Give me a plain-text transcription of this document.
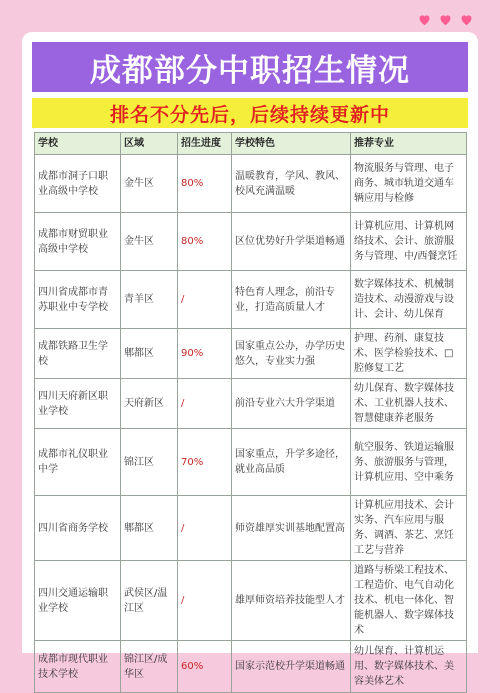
成都部分中职招生情况
排名不分先后，后续持续更新中
学校	区域	招生进度	学校特色	推荐专业
成都市洞子口职业高级中学校	金牛区	80%	温暖教育，学风、教风、校风充满温暖	物流服务与管理、电子商务、城市轨道交通车辆应用与检修
成都市财贸职业高级中学校	金牛区	80%	区位优势好升学渠道畅通	计算机应用、计算机网络技术、会计、旅游服务与管理、中/西餐烹饪
四川省成都市青苏职业中专学校	青羊区	/	特色育人理念，前沿专业，打造高质量人才	数字媒体技术、机械制造技术、动漫游戏与设计、会计、幼儿保育
成都铁路卫生学校	郫都区	90%	国家重点公办，办学历史悠久，专业实力强	护理、药剂、康复技术、医学检验技术、□腔修复工艺
四川天府新区职业学校	天府新区	/	前沿专业六大升学渠道	幼儿保育、数字媒体技术、工业机器人技术、智慧健康养老服务
成都市礼仪职业中学	锦江区	70%	国家重点，升学多途径，就业高品质	航空服务、铁道运输服务、旅游服务与管理，计算机应用、空中乘务
四川省商务学校	郫都区	/	师资雄厚实训基地配置高	计算机应用技术、会计实务、汽车应用与服务、调酒、茶艺、烹饪工艺与营养
四川交通运输职业学校	武侯区/温江区	/	雄厚师资培养技能型人才	道路与桥梁工程技术、工程造价、电气自动化技术、机电一体化、智能机器人、数字媒体技术
成都市现代职业技术学校	锦江区/成华区	60%	国家示范校升学渠道畅通	幼儿保育、计算机运用、数字媒体技术、美容美体艺术
